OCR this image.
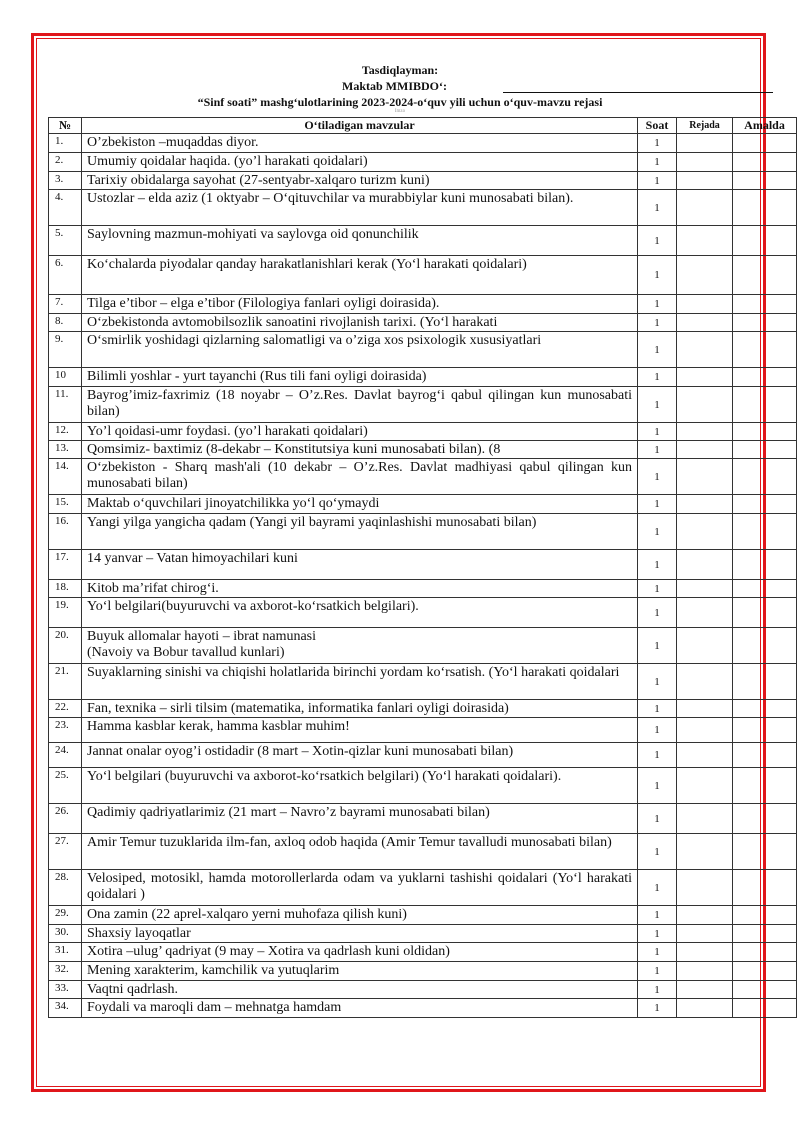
Tasdiqlayman:
Maktab MMIBDO‘:
“Sinf soati” mashg‘ulotlarining 2023-2024-o‘quv yili uchun o‘quv-mavzu rejasi
Imzo
№	O‘tiladigan mavzular	Soat	Rejada	Amalda
1.	O’zbekiston –muqaddas diyor.	1		
2.	Umumiy qoidalar haqida. (yo’l harakati qoidalari)	1		
3.	Tarixiy obidalarga sayohat (27-sentyabr-xalqaro turizm kuni)	1		
4.	Ustozlar – elda aziz (1 oktyabr – O‘qituvchilar va murabbiylar kuni munosabati bilan).	1		
5.	Saylovning mazmun-mohiyati va saylovga oid qonunchilik	1		
6.	Ko‘chalarda piyodalar qanday harakatlanishlari kerak (Yo‘l harakati qoidalari)	1		
7.	Tilga e’tibor – elga e’tibor (Filologiya fanlari oyligi doirasida).	1		
8.	O‘zbekistonda avtomobilsozlik sanoatini rivojlanish tarixi. (Yo‘l harakati	1		
9.	O‘smirlik yoshidagi qizlarning salomatligi va o’ziga xos psixologik xususiyatlari	1		
10	Bilimli yoshlar - yurt tayanchi (Rus tili fani oyligi doirasida)	1		
11.	Bayrog’imiz-faxrimiz (18 noyabr – O’z.Res. Davlat bayrog‘i qabul qilingan kun munosabati bilan)	1		
12.	Yo’l qoidasi-umr foydasi. (yo’l harakati qoidalari)	1		
13.	Qomsimiz- baxtimiz (8-dekabr – Konstitutsiya kuni munosabati bilan). (8	1		
14.	O‘zbekiston - Sharq mash'ali (10 dekabr – O’z.Res. Davlat madhiyasi qabul qilingan kun munosabati bilan)	1		
15.	Maktab o‘quvchilari jinoyatchilikka yo‘l qo‘ymaydi	1		
16.	Yangi yilga yangicha qadam (Yangi yil bayrami yaqinlashishi munosabati bilan)	1		
17.	14 yanvar – Vatan himoyachilari kuni	1		
18.	Kitob ma’rifat chirog‘i.	1		
19.	Yo‘l belgilari(buyuruvchi va axborot-ko‘rsatkich belgilari).	1		
20.	Buyuk allomalar hayoti – ibrat namunasi
(Navoiy va Bobur tavallud kunlari)	1		
21.	Suyaklarning sinishi va chiqishi holatlarida birinchi yordam ko‘rsatish. (Yo‘l harakati qoidalari	1		
22.	Fan, texnika – sirli tilsim (matematika, informatika fanlari oyligi doirasida)	1		
23.	Hamma kasblar kerak, hamma kasblar muhim!	1		
24.	Jannat onalar oyog’i ostidadir (8 mart – Xotin-qizlar kuni munosabati bilan)	1		
25.	Yo‘l belgilari (buyuruvchi va axborot-ko‘rsatkich belgilari) (Yo‘l harakati qoidalari).	1		
26.	Qadimiy qadriyatlarimiz (21 mart – Navro’z bayrami munosabati bilan)	1		
27.	Amir Temur tuzuklarida ilm-fan, axloq odob haqida (Amir Temur tavalludi munosabati bilan)	1		
28.	Velosiped, motosikl, hamda motorollerlarda odam va yuklarni tashishi qoidalari (Yo‘l harakati qoidalari )	1		
29.	Ona zamin (22 aprel-xalqaro yerni muhofaza qilish kuni)	1		
30.	Shaxsiy layoqatlar	1		
31.	Xotira –ulug’ qadriyat (9 may – Xotira va qadrlash kuni oldidan)	1		
32.	Mening xarakterim, kamchilik va yutuqlarim	1		
33.	Vaqtni qadrlash.	1		
34.	Foydali va maroqli dam – mehnatga hamdam	1		
